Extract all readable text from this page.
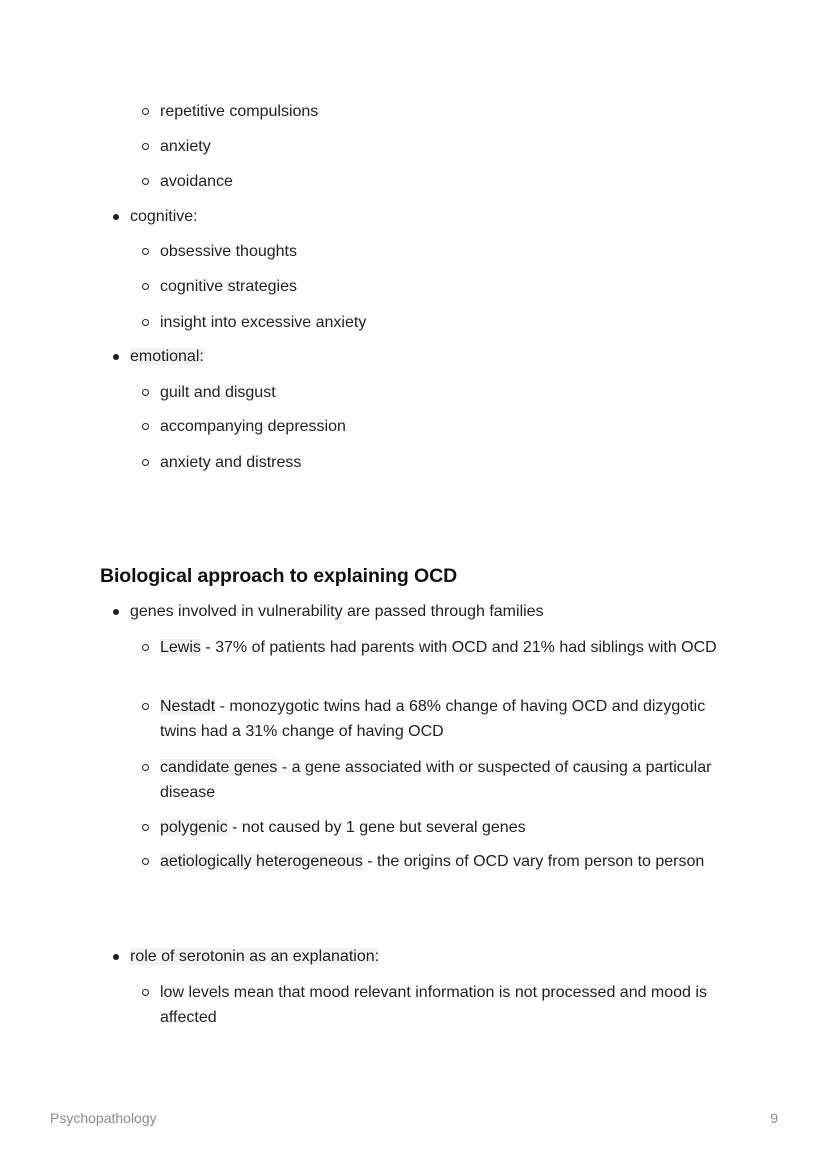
repetitive compulsions
anxiety
avoidance
cognitive:
obsessive thoughts
cognitive strategies
insight into excessive anxiety
emotional:
guilt and disgust
accompanying depression
anxiety and distress
Biological approach to explaining OCD
genes involved in vulnerability are passed through families
Lewis - 37% of patients had parents with OCD and 21% had siblings with OCD
Nestadt - monozygotic twins had a 68% change of having OCD and dizygotic twins had a 31% change of having OCD
candidate genes - a gene associated with or suspected of causing a particular disease
polygenic - not caused by 1 gene but several genes
aetiologically heterogeneous - the origins of OCD vary from person to person
role of serotonin as an explanation:
low levels mean that mood relevant information is not processed and mood is affected
Psychopathology	9
